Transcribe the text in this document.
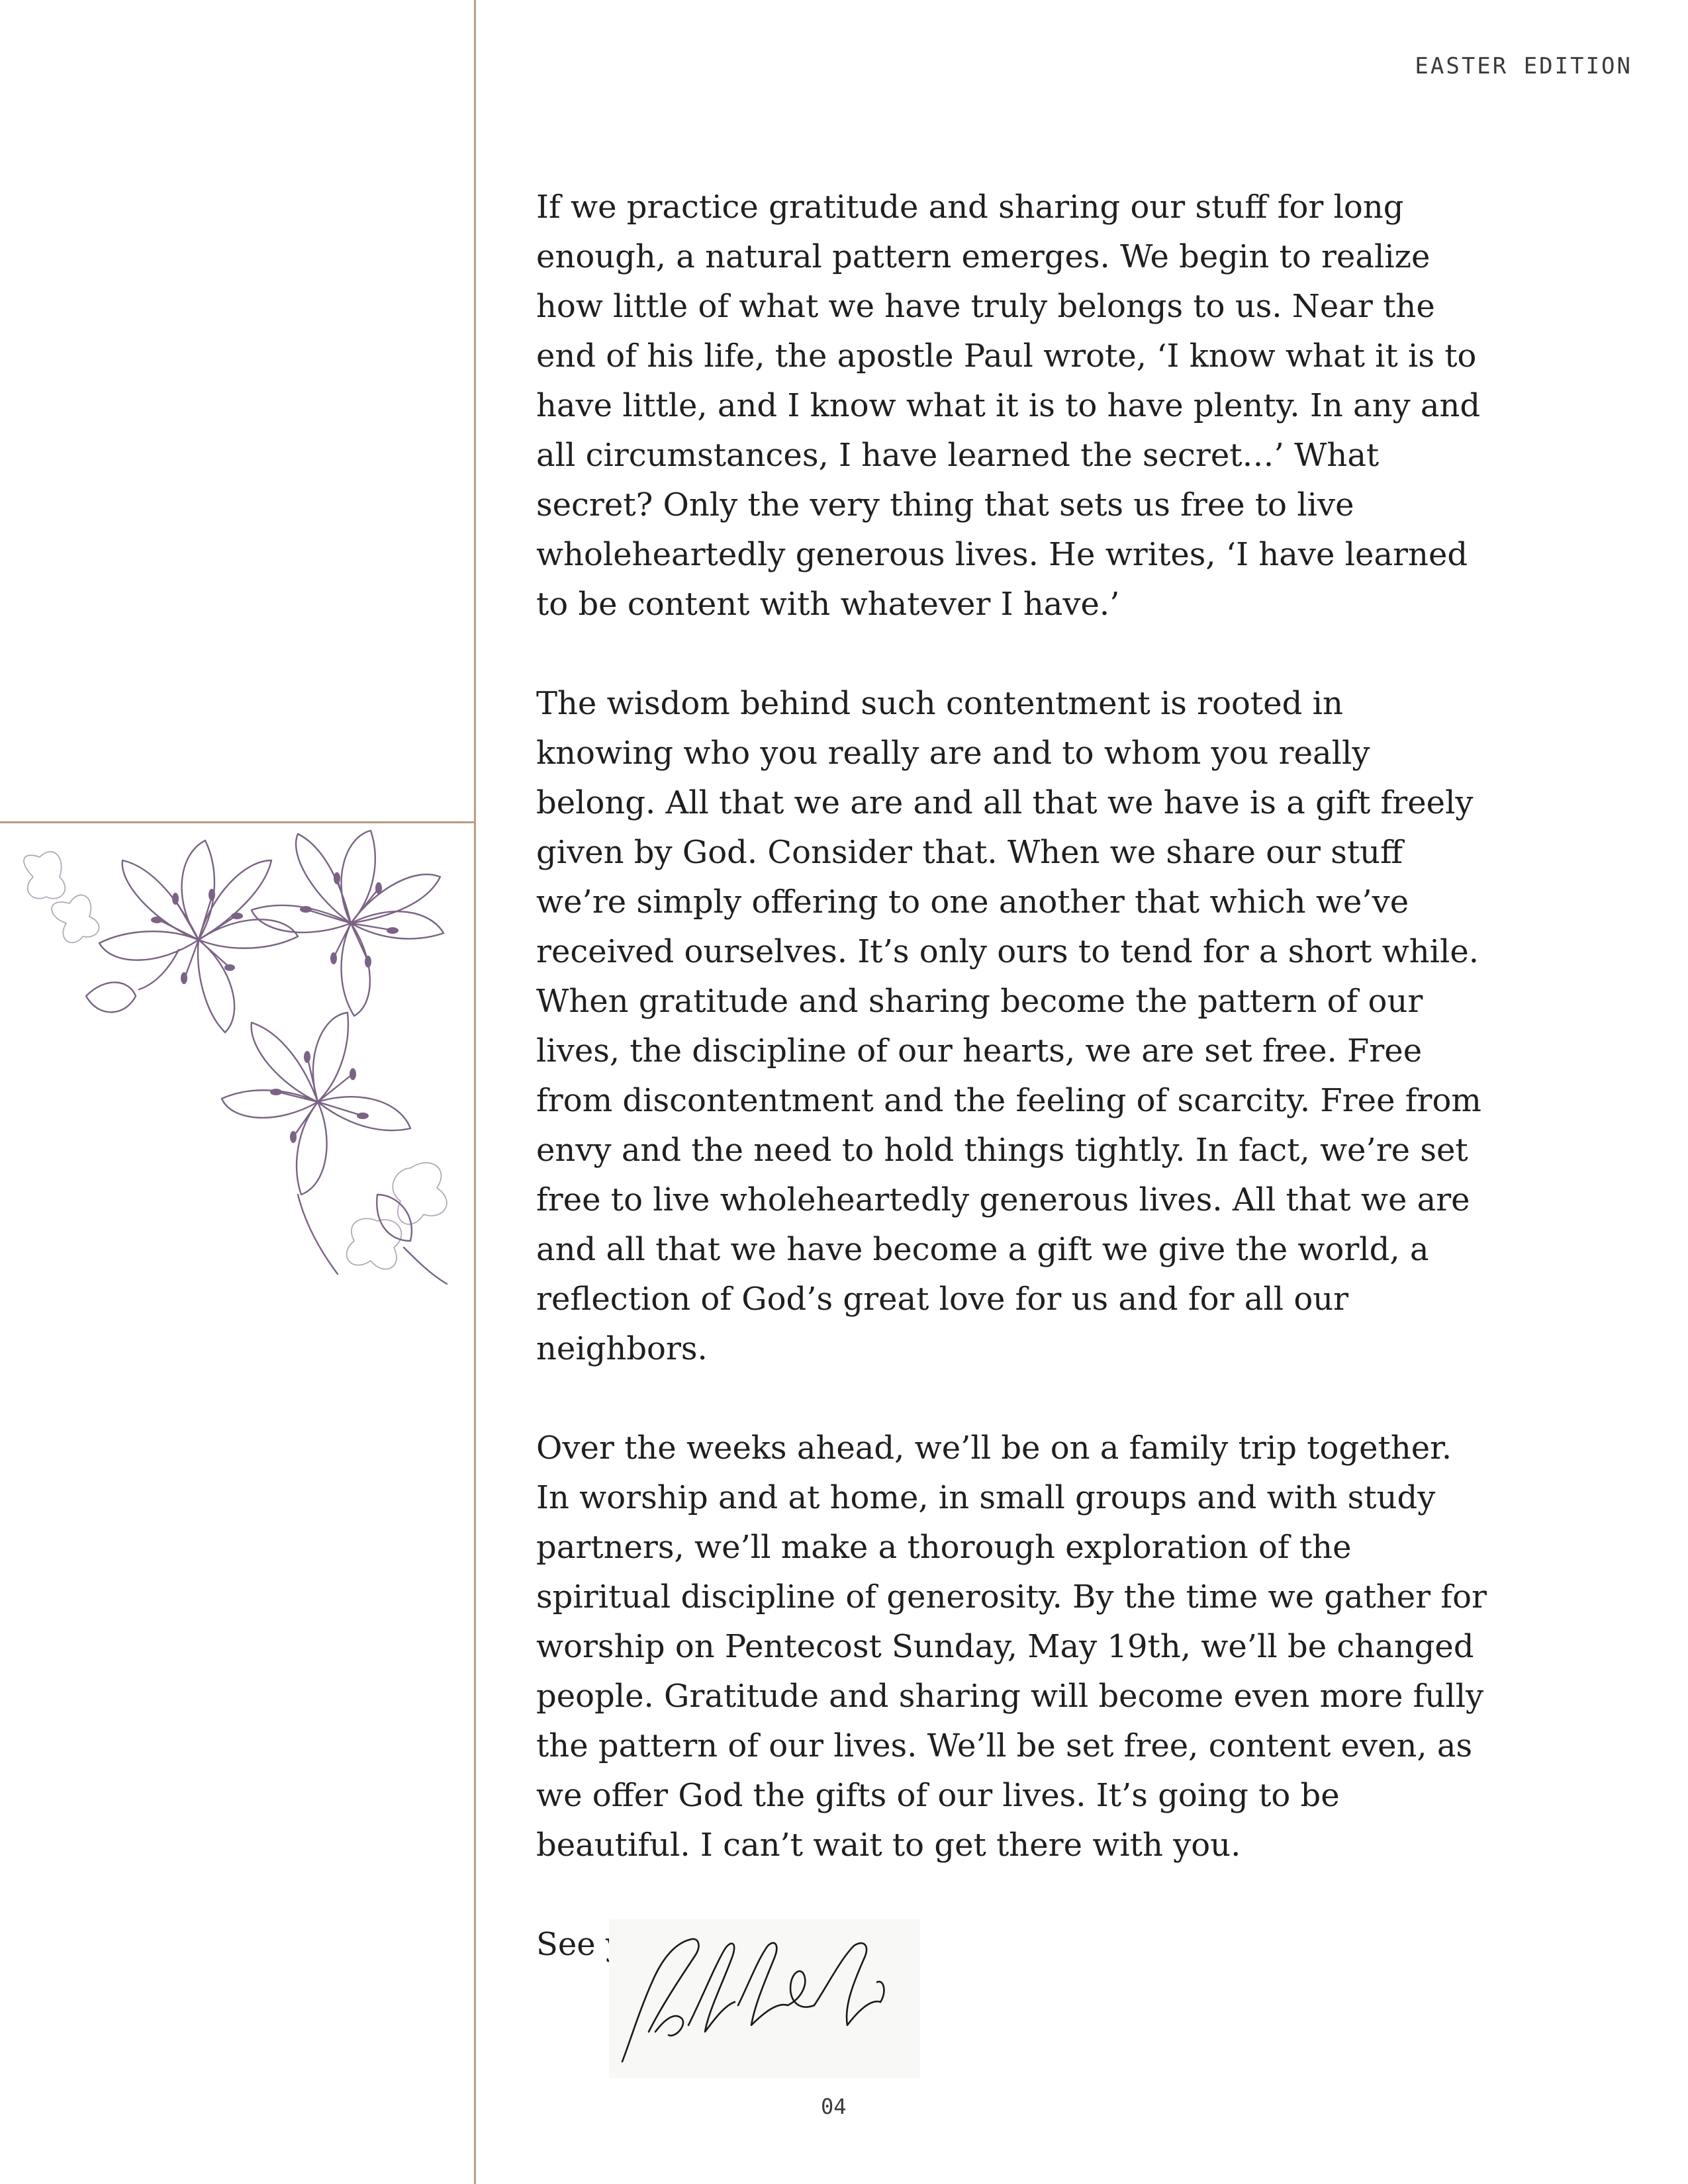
EASTER EDITION

If we practice gratitude and sharing our stuff for long enough, a natural pattern emerges. We begin to realize how little of what we have truly belongs to us. Near the end of his life, the apostle Paul wrote, ‘I know what it is to have little, and I know what it is to have plenty. In any and all circumstances, I have learned the secret…’ What secret? Only the very thing that sets us free to live wholeheartedly generous lives. He writes, ‘I have learned to be content with whatever I have.’

The wisdom behind such contentment is rooted in knowing who you really are and to whom you really belong. All that we are and all that we have is a gift freely given by God. Consider that. When we share our stuff we’re simply offering to one another that which we’ve received ourselves. It’s only ours to tend for a short while. When gratitude and sharing become the pattern of our lives, the discipline of our hearts, we are set free. Free from discontentment and the feeling of scarcity. Free from envy and the need to hold things tightly. In fact, we’re set free to live wholeheartedly generous lives. All that we are and all that we have become a gift we give the world, a reflection of God’s great love for us and for all our neighbors.

Over the weeks ahead, we’ll be on a family trip together. In worship and at home, in small groups and with study partners, we’ll make a thorough exploration of the spiritual discipline of generosity. By the time we gather for worship on Pentecost Sunday, May 19th, we’ll be changed people. Gratitude and sharing will become even more fully the pattern of our lives. We’ll be set free, content even, as we offer God the gifts of our lives. It’s going to be beautiful. I can’t wait to get there with you.

See you in church,

04
